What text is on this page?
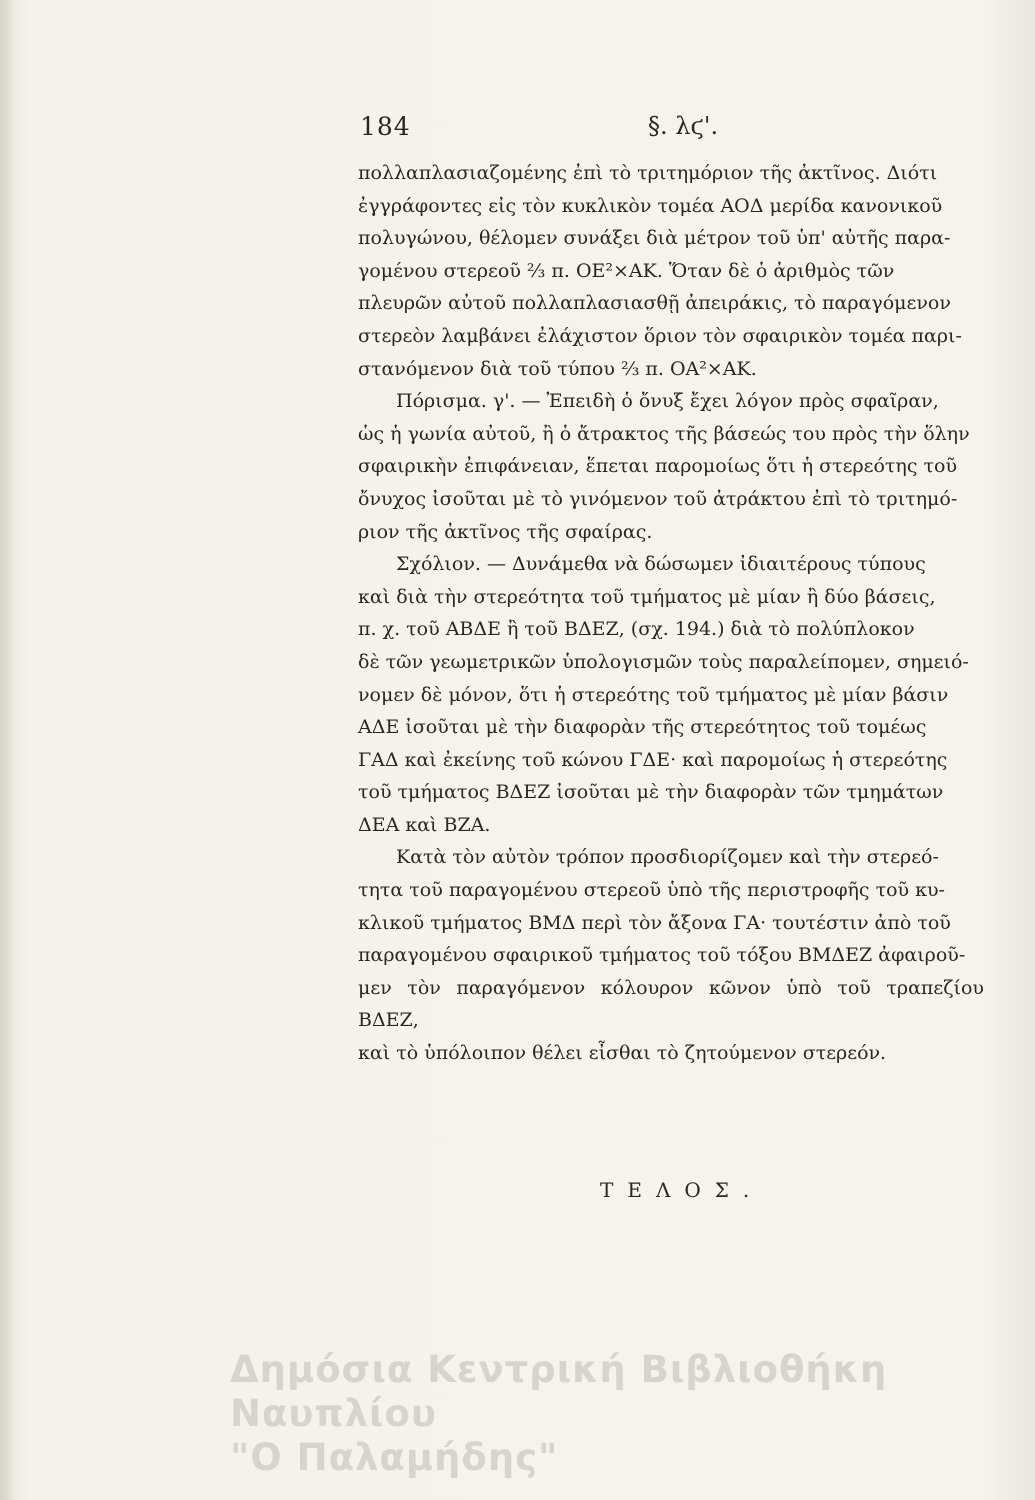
184	§. λϛ'.

πολλαπλασιαζομένης ἐπὶ τὸ τριτημόριον τῆς ἀκτῖνος. Διότι
ἐγγράφοντες εἰς τὸν κυκλικὸν τομέα ΑΟΔ μερίδα κανονικοῦ
πολυγώνου, θέλομεν συνάξει διὰ μέτρον τοῦ ὑπ' αὐτῆς παρα-
γομένου στερεοῦ ⅔ π. ΟΕ²×ΑΚ. Ὅταν δὲ ὁ ἀριθμὸς τῶν
πλευρῶν αὐτοῦ πολλαπλασιασθῇ ἀπειράκις, τὸ παραγόμενον
στερεὸν λαμβάνει ἐλάχιστον ὅριον τὸν σφαιρικὸν τομέα παρι-
στανόμενον διὰ τοῦ τύπου ⅔ π. ΟΑ²×ΑΚ.

Πόρισμα. γ'. — Ἐπειδὴ ὁ ὄνυξ ἔχει λόγον πρὸς σφαῖραν,
ὡς ἡ γωνία αὐτοῦ, ἢ ὁ ἄτρακτος τῆς βάσεώς του πρὸς τὴν ὅλην
σφαιρικὴν ἐπιφάνειαν, ἕπεται παρομοίως ὅτι ἡ στερεότης τοῦ
ὄνυχος ἰσοῦται μὲ τὸ γινόμενον τοῦ ἀτράκτου ἐπὶ τὸ τριτημό-
ριον τῆς ἀκτῖνος τῆς σφαίρας.

Σχόλιον. — Δυνάμεθα νὰ δώσωμεν ἰδιαιτέρους τύπους
καὶ διὰ τὴν στερεότητα τοῦ τμήματος μὲ μίαν ἢ δύο βάσεις,
π. χ. τοῦ ΑΒΔΕ ἢ τοῦ ΒΔΕΖ, (σχ. 194.) διὰ τὸ πολύπλοκον
δὲ τῶν γεωμετρικῶν ὑπολογισμῶν τοὺς παραλείπομεν, σημειό-
νομεν δὲ μόνον, ὅτι ἡ στερεότης τοῦ τμήματος μὲ μίαν βάσιν
ΑΔΕ ἰσοῦται μὲ τὴν διαφορὰν τῆς στερεότητος τοῦ τομέως
ΓΑΔ καὶ ἐκείνης τοῦ κώνου ΓΔΕ· καὶ παρομοίως ἡ στερεότης
τοῦ τμήματος ΒΔΕΖ ἰσοῦται μὲ τὴν διαφορὰν τῶν τμημάτων
ΔΕΑ καὶ ΒΖΑ.

Κατὰ τὸν αὐτὸν τρόπον προσδιορίζομεν καὶ τὴν στερεό-
τητα τοῦ παραγομένου στερεοῦ ὑπὸ τῆς περιστροφῆς τοῦ κυ-
κλικοῦ τμήματος ΒΜΔ περὶ τὸν ἄξονα ΓΑ· τουτέστιν ἀπὸ τοῦ
παραγομένου σφαιρικοῦ τμήματος τοῦ τόξου ΒΜΔΕΖ ἀφαιροῦ-
μεν τὸν παραγόμενον κόλουρον κῶνον ὑπὸ τοῦ τραπεζίου ΒΔΕΖ,
καὶ τὸ ὑπόλοιπον θέλει εἶσθαι τὸ ζητούμενον στερεόν.

ΤΕΛΟΣ.
Δημόσια Κεντρική Βιβλιοθήκη Ναυπλίου
"Ο Παλαμήδης"
